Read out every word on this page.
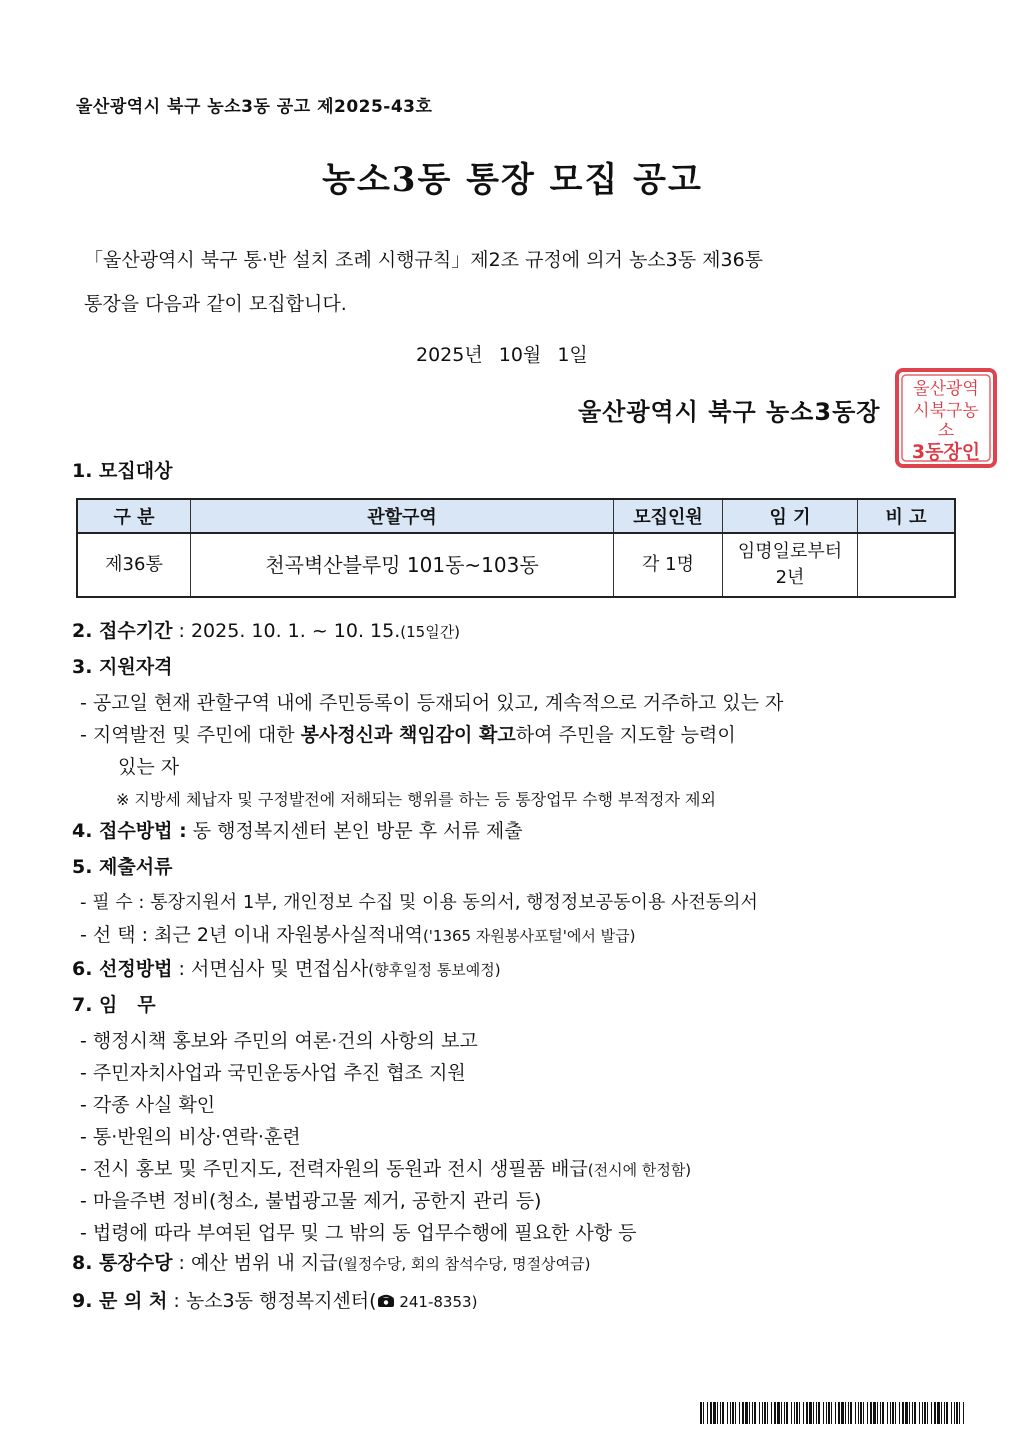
울산광역시 북구 농소3동 공고 제2025-43호
농소3동 통장 모집 공고
「울산광역시 북구 통·반 설치 조례 시행규칙」제2조 규정에 의거 농소3동 제36통
통장을 다음과 같이 모집합니다.
2025년 10월 1일
울산광역시 북구 농소3동장
울산광역
시북구농
소
3동장인
1. 모집대상
구 분	관할구역	모집인원	임 기	비 고
제36통	천곡벽산블루밍 101동~103동	각 1명	임명일로부터
2년	

2. 접수기간 : 2025. 10. 1. ~ 10. 15.(15일간)
3. 지원자격
- 공고일 현재 관할구역 내에 주민등록이 등재되어 있고, 계속적으로 거주하고 있는 자
- 지역발전 및 주민에 대한 봉사정신과 책임감이 확고하여 주민을 지도할 능력이
있는 자
※ 지방세 체납자 및 구정발전에 저해되는 행위를 하는 등 통장업무 수행 부적정자 제외
4. 접수방법 : 동 행정복지센터 본인 방문 후 서류 제출
5. 제출서류
- 필 수 : 통장지원서 1부, 개인정보 수집 및 이용 동의서, 행정정보공동이용 사전동의서
- 선 택 : 최근 2년 이내 자원봉사실적내역('1365 자원봉사포털'에서 발급)
6. 선정방법 : 서면심사 및 면접심사(향후일정 통보예정)
7. 임   무
- 행정시책 홍보와 주민의 여론·건의 사항의 보고
- 주민자치사업과 국민운동사업 추진 협조 지원
- 각종 사실 확인
- 통·반원의 비상·연락·훈련
- 전시 홍보 및 주민지도, 전력자원의 동원과 전시 생필품 배급(전시에 한정함)
- 마을주변 정비(청소, 불법광고물 제거, 공한지 관리 등)
- 법령에 따라 부여된 업무 및 그 밖의 동 업무수행에 필요한 사항 등
8. 통장수당 : 예산 범위 내 지급(월정수당, 회의 참석수당, 명절상여금)
9. 문 의 처 : 농소3동 행정복지센터( 241-8353)
